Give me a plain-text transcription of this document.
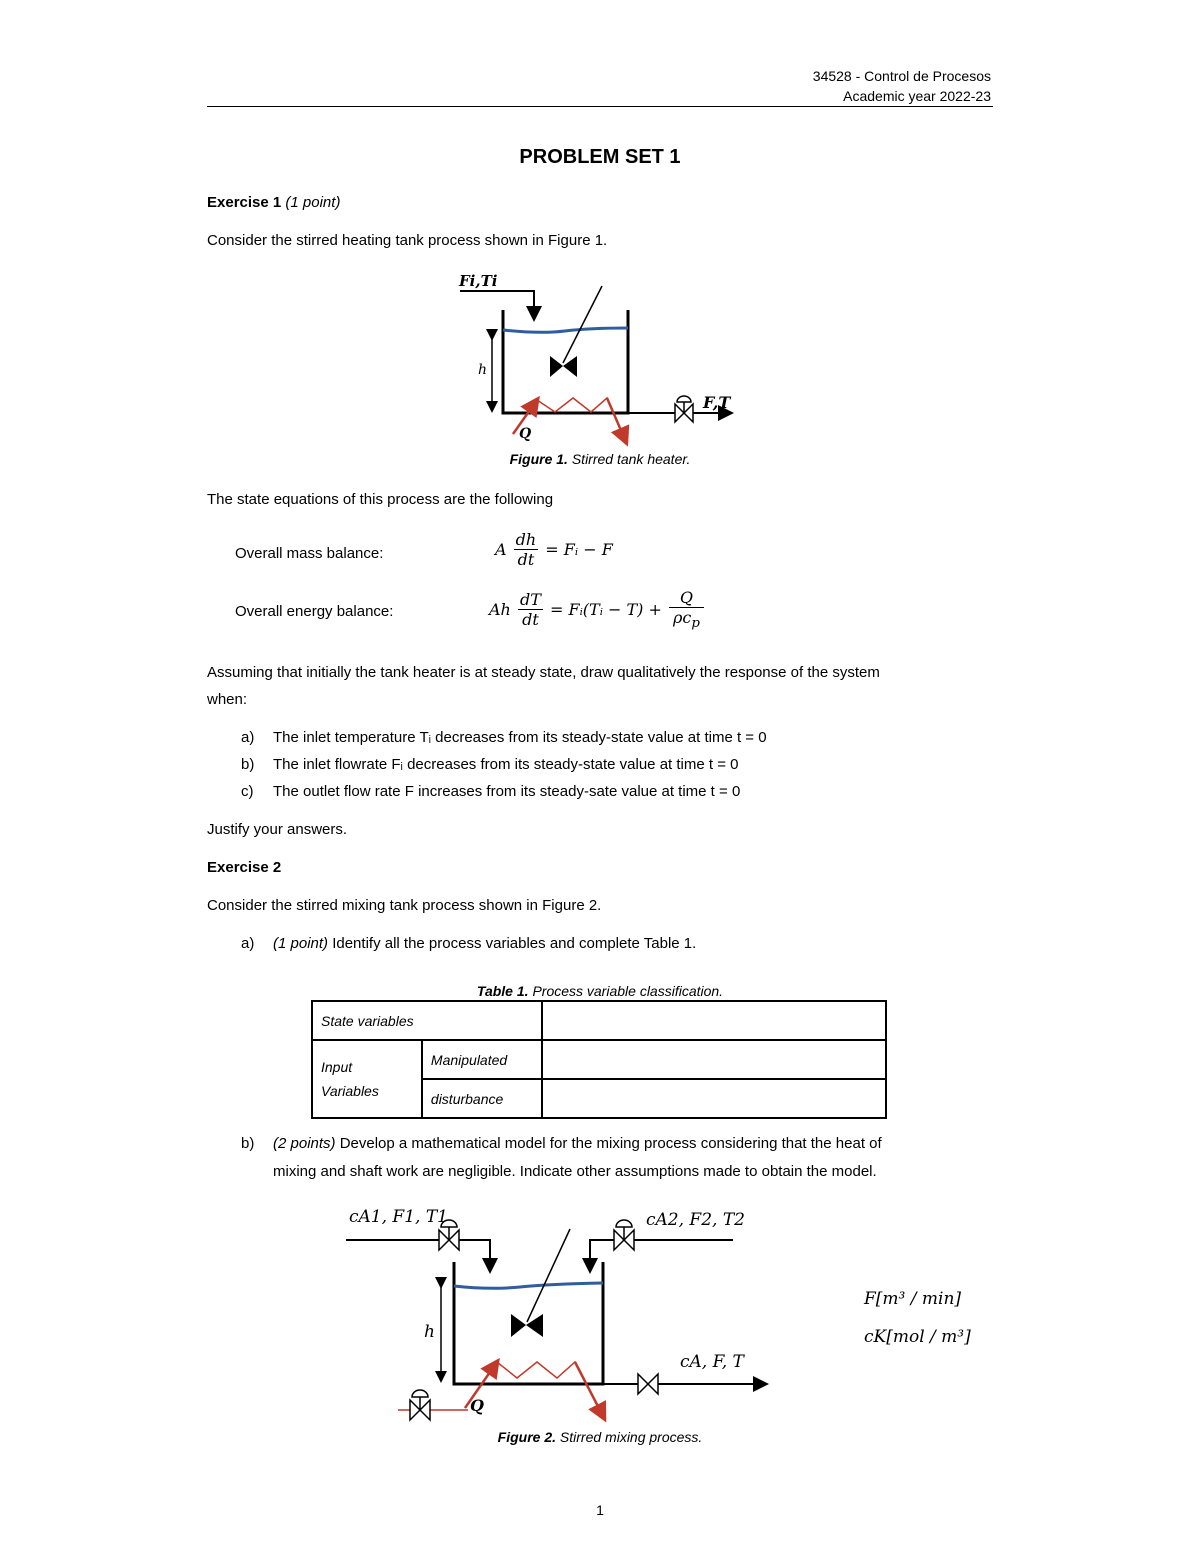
34528 - Control de Procesos
Academic year 2022-23
PROBLEM SET 1
Exercise 1 (1 point)
Consider the stirred heating tank process shown in Figure 1.
Fi,Ti
h
F,T
Q
Figure 1. Stirred tank heater.
The state equations of this process are the following
Overall mass balance:	A $\frac{dh}{dt}$ = Fᵢ − F
Overall energy balance:	Ah $\frac{dT}{dt}$ = Fᵢ(Tᵢ − T) +
Q
$\rho c_p$
Assuming that initially the tank heater is at steady state, draw qualitatively the response of the system
when:
a) The inlet temperature Tᵢ decreases from its steady-state value at time t = 0
b) The inlet flowrate Fᵢ decreases from its steady-state value at time t = 0
c) The outlet flow rate F increases from its steady-sate value at time t = 0
Justify your answers.
Exercise 2
Consider the stirred mixing tank process shown in Figure 2.
a) (1 point) Identify all the process variables and complete Table 1.
Table 1. Process variable classification.
State variables		

Input
Variables	Manipulated	
	disturbance	
b) (2 points) Develop a mathematical model for the mixing process considering that the heat of
mixing and shaft work are negligible. Indicate other assumptions made to obtain the model.
cA1, F1, T1	cA2, F2, T2
h
cA, F, T
Q
F[m³ / min]
cK[mol / m³]
Figure 2. Stirred mixing process.
1
